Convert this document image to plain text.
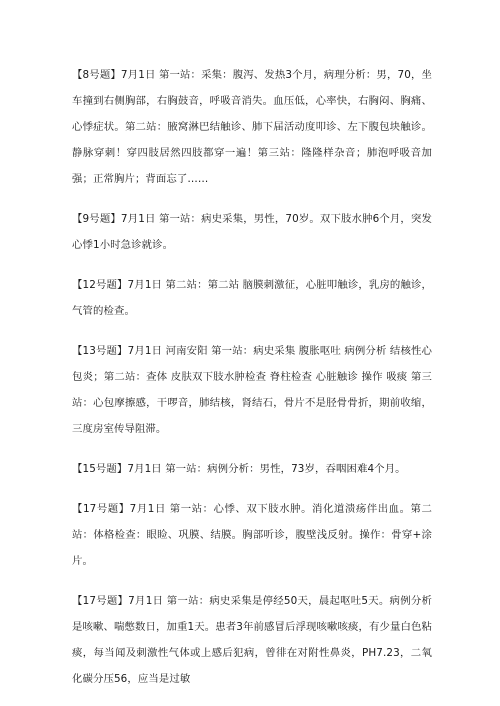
【8号题】7月1日 第一站：采集：腹泻、发热3个月，病理分析：男，70，坐车撞到右侧胸部，右胸鼓音，呼吸音消失。血压低，心率快，右胸闷、胸痛、心悸症状。第二站：腋窝淋巴结触诊、肺下届活动度叩诊、左下腹包块触诊。静脉穿刺！穿四肢居然四肢都穿一遍！第三站：隆隆样杂音；肺泡呼吸音加强；正常胸片；背面忘了……

【9号题】7月1日 第一站：病史采集，男性，70岁。双下肢水肿6个月，突发心悸1小时急诊就诊。

【12号题】7月1日 第二站：第二站 脑膜刺激征，心脏叩触诊，乳房的触诊，气管的检查。

【13号题】7月1日 河南安阳 第一站：病史采集 腹胀呕吐 病例分析 结核性心包炎；第二站：查体 皮肤双下肢水肿检查 脊柱检查 心脏触诊 操作 吸痰 第三站：心包摩擦感，干啰音，肺结核，肾结石，骨片不是胫骨骨折，期前收缩，三度房室传导阻滞。

【15号题】7月1日 第一站：病例分析：男性，73岁，吞咽困难4个月。

【17号题】7月1日 第一站：心悸、双下肢水肿。消化道溃疡伴出血。第二站：体格检查：眼睑、巩膜、结膜。胸部听诊，腹壁浅反射。操作：骨穿+涂片。

【17号题】7月1日 第一站：病史采集是停经50天，晨起呕吐5天。病例分析是咳嗽、喘憋数日，加重1天。患者3年前感冒后浮现咳嗽咳痰，有少量白色粘痰，每当闻及刺激性气体或上感后犯病，曾徘在对附性鼻炎，PH7.23，二氧化碳分压56，应当是过敏
